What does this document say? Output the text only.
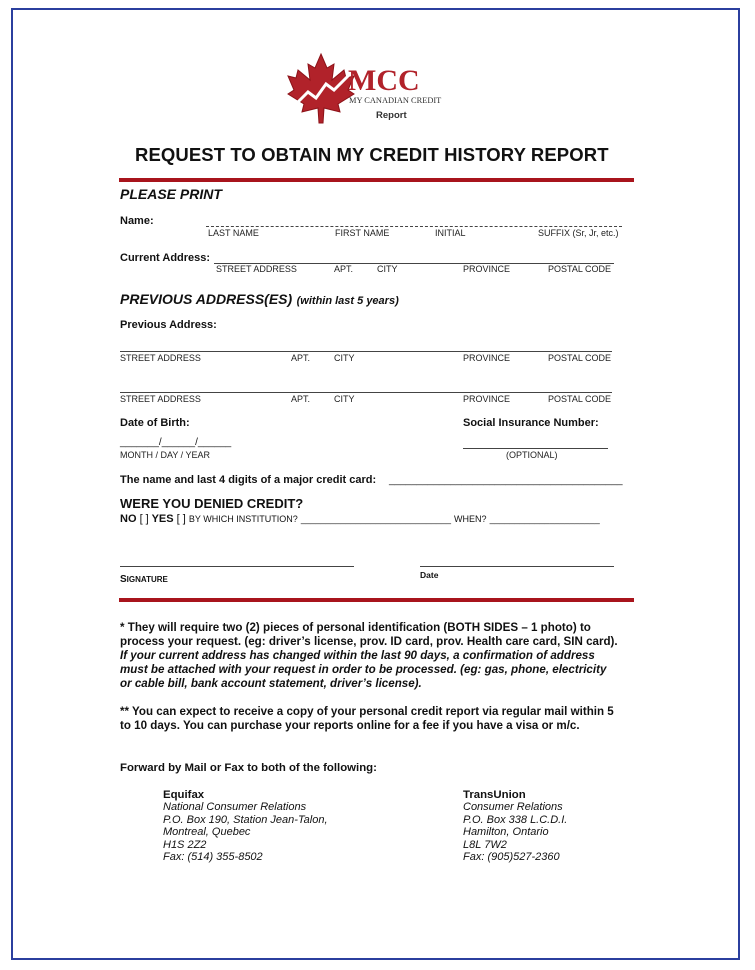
MCC
MY CANADIAN CREDIT
Report
REQUEST TO OBTAIN MY CREDIT HISTORY REPORT
PLEASE PRINT
Name:
LAST NAME	FIRST NAME	INITIAL	SUFFIX (Sr, Jr, etc.)
Current Address:
STREET ADDRESS	APT.	CITY	PROVINCE	POSTAL CODE
PREVIOUS ADDRESS(ES) (within last 5 years)
Previous Address:
STREET ADDRESS	APT.	CITY	PROVINCE	POSTAL CODE
STREET ADDRESS	APT.	CITY	PROVINCE	POSTAL CODE
Date of Birth:
_______/______/______
MONTH / DAY / YEAR
Social Insurance Number:
(OPTIONAL)
The name and last 4 digits of a major credit card: __________________________________________
WERE YOU DENIED CREDIT?
NO [ ] YES [ ] BY WHICH INSTITUTION? ______________________________ WHEN? ______________________
SIGNATURE	Date
* They will require two (2) pieces of personal identification (BOTH SIDES – 1 photo) to
process your request. (eg: driver’s license, prov. ID card, prov. Health care card, SIN card).
If your current address has changed within the last 90 days, a confirmation of address
must be attached with your request in order to be processed. (eg: gas, phone, electricity
or cable bill, bank account statement, driver’s license).
** You can expect to receive a copy of your personal credit report via regular mail within 5
to 10 days. You can purchase your reports online for a fee if you have a visa or m/c.
Forward by Mail or Fax to both of the following:
Equifax
National Consumer Relations
P.O. Box 190, Station Jean-Talon,
Montreal, Quebec
H1S 2Z2
Fax: (514) 355-8502
TransUnion
Consumer Relations
P.O. Box 338 L.C.D.I.
Hamilton, Ontario
L8L 7W2
Fax: (905)527-2360
